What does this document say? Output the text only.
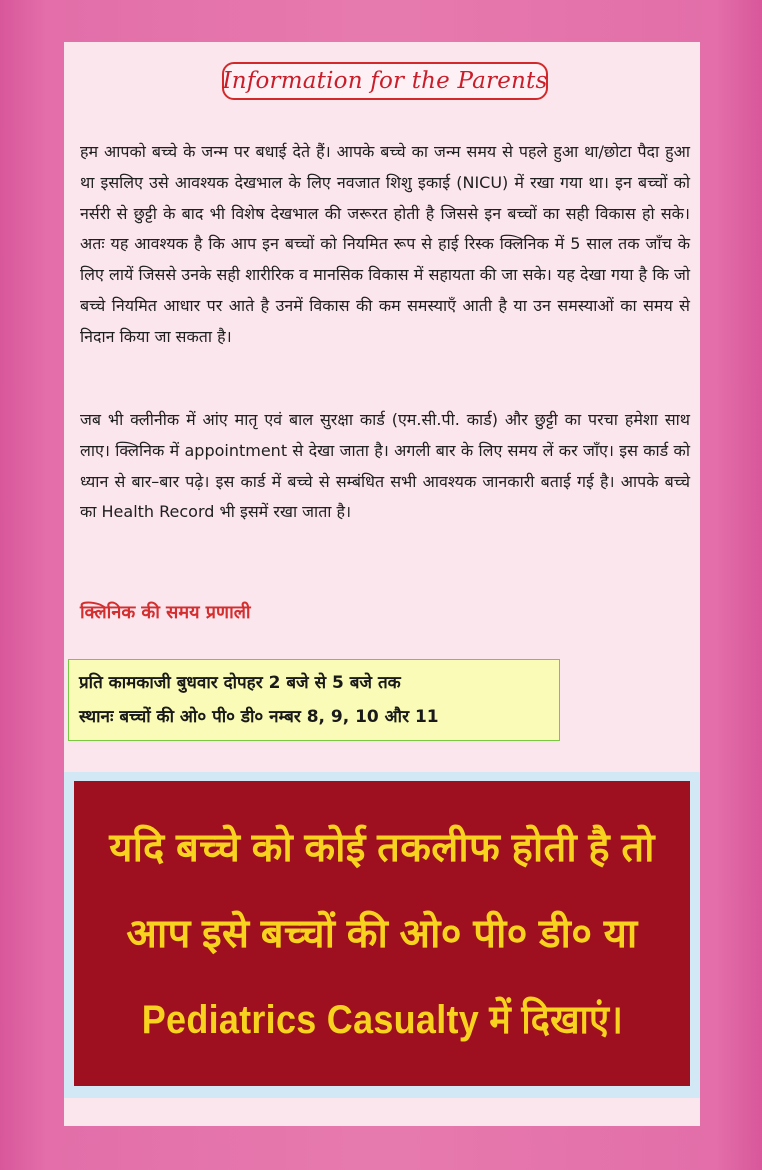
Information for the Parents

हम आपको बच्चे के जन्म पर बधाई देते हैं। आपके बच्चे का जन्म समय से पहले हुआ था/छोटा पैदा हुआ था इसलिए उसे आवश्यक देखभाल के लिए नवजात शिशु इकाई (NICU) में रखा गया था। इन बच्चों को नर्सरी से छुट्टी के बाद भी विशेष देखभाल की जरूरत होती है जिससे इन बच्चों का सही विकास हो सके। अतः यह आवश्यक है कि आप इन बच्चों को नियमित रूप से हाई रिस्क क्लिनिक में 5 साल तक जाँच के लिए लायें जिससे उनके सही शारीरिक व मानसिक विकास में सहायता की जा सके। यह देखा गया है कि जो बच्चे नियमित आधार पर आते है उनमें विकास की कम समस्याएँ आती है या उन समस्याओं का समय से निदान किया जा सकता है।

जब भी क्लीनीक में आंए मातृ एवं बाल सुरक्षा कार्ड (एम.सी.पी. कार्ड) और छुट्टी का परचा हमेशा साथ लाए। क्लिनिक में appointment से देखा जाता है। अगली बार के लिए समय लें कर जाँए। इस कार्ड को ध्यान से बार–बार पढ़े। इस कार्ड में बच्चे से सम्बंधित सभी आवश्यक जानकारी बताई गई है। आपके बच्चे का Health Record भी इसमें रखा जाता है।

क्लिनिक की समय प्रणाली

प्रति कामकाजी बुधवार दोपहर 2 बजे से 5 बजे तक
स्थानः बच्चों की ओ० पी० डी० नम्बर 8, 9, 10 और 11
यदि बच्चे को कोई तकलीफ होती है तो
आप इसे बच्चों की ओ० पी० डी० या
Pediatrics Casualty में दिखाएं।
